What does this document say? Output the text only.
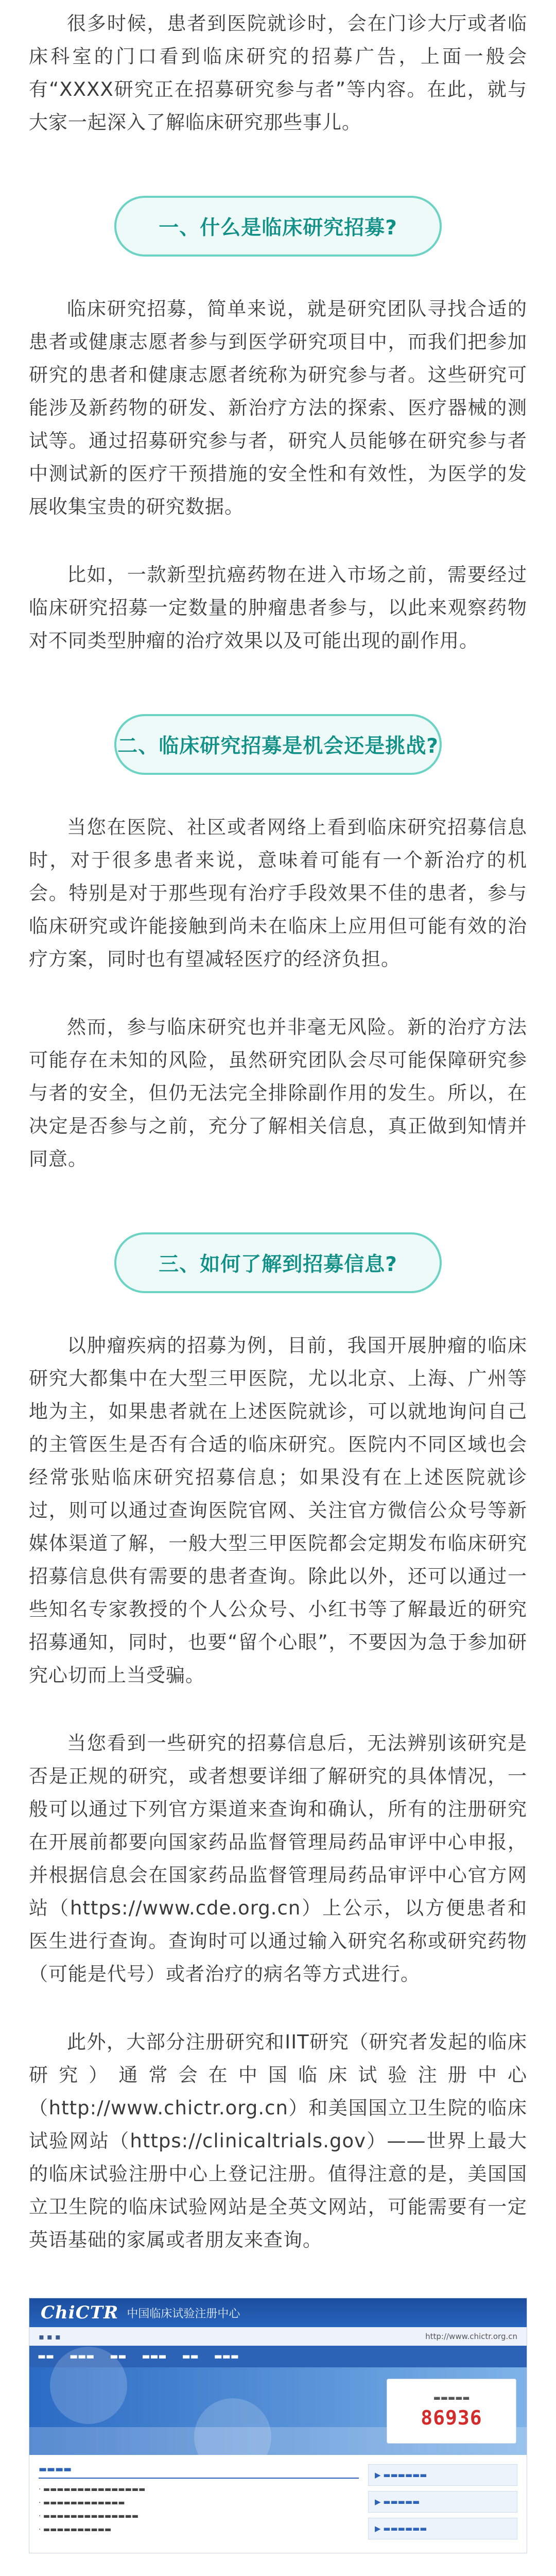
很多时候，患者到医院就诊时，会在门诊大厅或者临床科室的门口看到临床研究的招募广告，上面一般会有“XXXX研究正在招募研究参与者”等内容。在此，就与大家一起深入了解临床研究那些事儿。

一、什么是临床研究招募?

临床研究招募，简单来说，就是研究团队寻找合适的患者或健康志愿者参与到医学研究项目中，而我们把参加研究的患者和健康志愿者统称为研究参与者。这些研究可能涉及新药物的研发、新治疗方法的探索、医疗器械的测试等。通过招募研究参与者，研究人员能够在研究参与者中测试新的医疗干预措施的安全性和有效性，为医学的发展收集宝贵的研究数据。

比如，一款新型抗癌药物在进入市场之前，需要经过临床研究招募一定数量的肿瘤患者参与，以此来观察药物对不同类型肿瘤的治疗效果以及可能出现的副作用。

二、临床研究招募是机会还是挑战?

当您在医院、社区或者网络上看到临床研究招募信息时，对于很多患者来说，意味着可能有一个新治疗的机会。特别是对于那些现有治疗手段效果不佳的患者，参与临床研究或许能接触到尚未在临床上应用但可能有效的治疗方案，同时也有望减轻医疗的经济负担。

然而，参与临床研究也并非毫无风险。新的治疗方法可能存在未知的风险，虽然研究团队会尽可能保障研究参与者的安全，但仍无法完全排除副作用的发生。所以，在决定是否参与之前，充分了解相关信息，真正做到知情并同意。

三、如何了解到招募信息?

以肿瘤疾病的招募为例，目前，我国开展肿瘤的临床研究大都集中在大型三甲医院，尤以北京、上海、广州等地为主，如果患者就在上述医院就诊，可以就地询问自己的主管医生是否有合适的临床研究。医院内不同区域也会经常张贴临床研究招募信息；如果没有在上述医院就诊过，则可以通过查询医院官网、关注官方微信公众号等新媒体渠道了解，一般大型三甲医院都会定期发布临床研究招募信息供有需要的患者查询。除此以外，还可以通过一些知名专家教授的个人公众号、小红书等了解最近的研究招募通知，同时，也要“留个心眼”，不要因为急于参加研究心切而上当受骗。

当您看到一些研究的招募信息后，无法辨别该研究是否是正规的研究，或者想要详细了解研究的具体情况，一般可以通过下列官方渠道来查询和确认，所有的注册研究在开展前都要向国家药品监督管理局药品审评中心申报，并根据信息会在国家药品监督管理局药品审评中心官方网站（https://www.cde.org.cn）上公示，以方便患者和医生进行查询。查询时可以通过输入研究名称或研究药物（可能是代号）或者治疗的病名等方式进行。

此外，大部分注册研究和IIT研究（研究者发起的临床研究）通常会在中国临床试验注册中心（http://www.chictr.org.cn）和美国国立卫生院的临床试验网站（https://clinicaltrials.gov）——世界上最大的临床试验注册中心上登记注册。值得注意的是，美国国立卫生院的临床试验网站是全英文网站，可能需要有一定英语基础的家属或者朋友来查询。

ChiCTR 中国临床试验注册中心
▪ ▪ ▪	http://www.chictr.org.cn
▬▬ ▬▬▬ ▬▬ ▬▬▬ ▬▬ ▬▬▬
▬▬▬▬▬
86936
▬▬▬▬
· ▬▬▬▬▬▬▬▬▬▬▬▬▬▬▬
· ▬▬▬▬▬▬▬▬▬▬▬▬
· ▬▬▬▬▬▬▬▬▬▬▬▬▬▬
· ▬▬▬▬▬▬▬▬▬▬
▶ ▬▬▬▬▬▬
▶ ▬▬▬▬▬
▶ ▬▬▬▬▬▬
